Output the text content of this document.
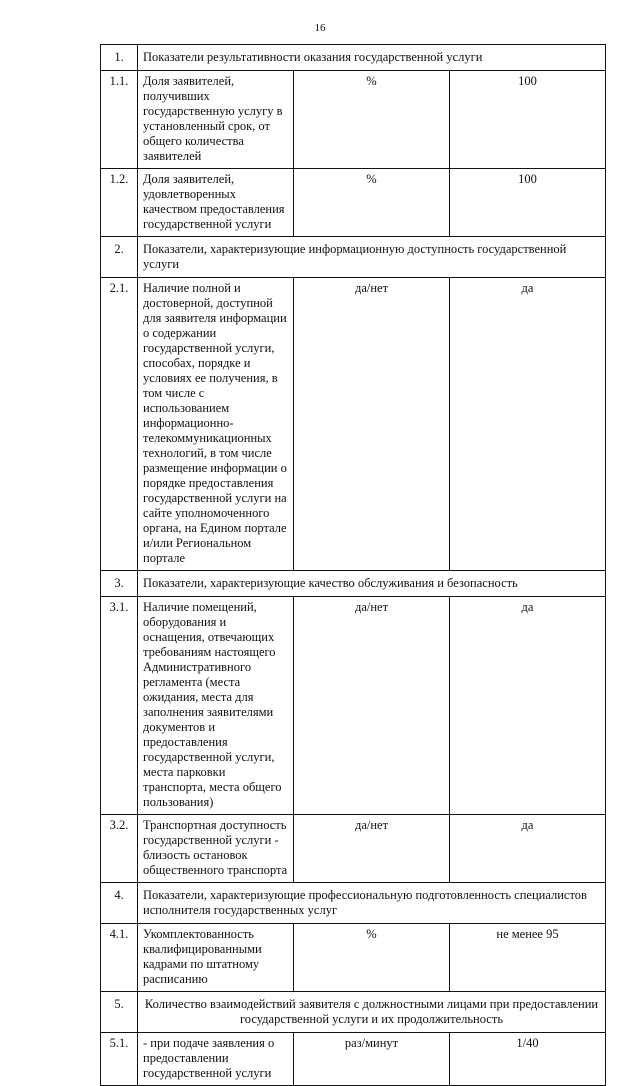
16
1.	Показатели результативности оказания государственной услуги		
1.1.	Доля заявителей, получивших государственную услугу в установленный срок, от общего количества заявителей	%	100
1.2.	Доля заявителей, удовлетворенных качеством предоставления государственной услуги	%	100
2.	Показатели, характеризующие информационную доступность государственной услуги		
2.1.	Наличие полной и достоверной, доступной для заявителя информации о содержании государственной услуги, способах, порядке и условиях ее получения, в том числе с использованием информационно-телекоммуникационных технологий, в том числе размещение информации о порядке предоставления государственной услуги на сайте уполномоченного органа, на Едином портале и/или Региональном портале	да/нет	да
3.	Показатели, характеризующие качество обслуживания и безопасность		
3.1.	Наличие помещений, оборудования и оснащения, отвечающих требованиям настоящего Административного регламента (места ожидания, места для заполнения заявителями документов и предоставления государственной услуги, места парковки транспорта, места общего пользования)	да/нет	да
3.2.	Транспортная доступность государственной услуги - близость остановок общественного транспорта	да/нет	да
4.	Показатели, характеризующие профессиональную подготовленность специалистов исполнителя государственных услуг		
4.1.	Укомплектованность квалифицированными кадрами по штатному расписанию	%	не менее 95
5.	Количество взаимодействий заявителя с должностными лицами при предоставлении государственной услуги и их продолжительность		
5.1.	- при подаче заявления о предоставлении государственной услуги	раз/минут	1/40
